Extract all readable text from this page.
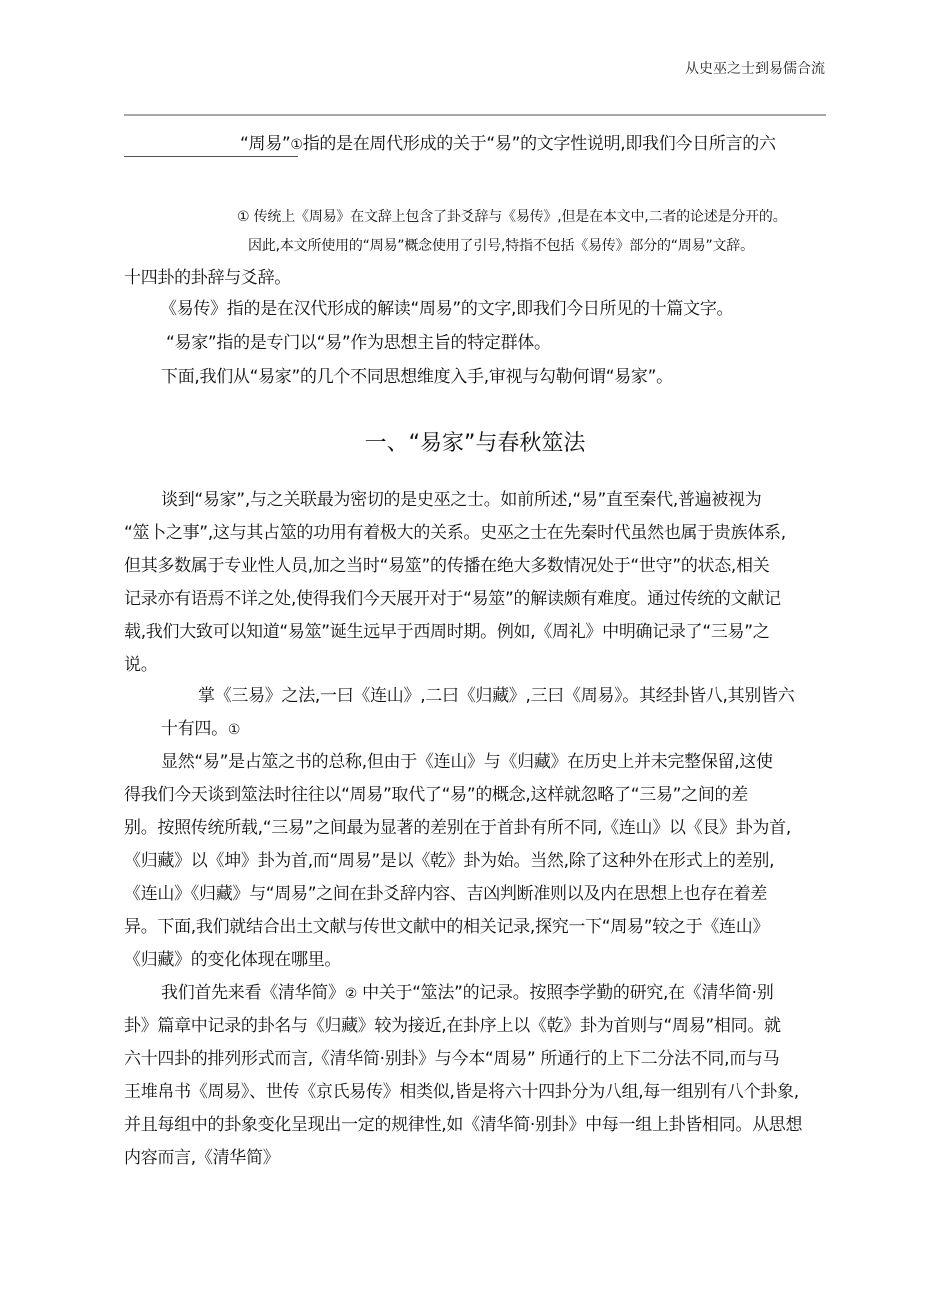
从史巫之士到易儒合流
“周易”①指的是在周代形成的关于“易”的文字性说明,即我们今日所言的六
① 传统上《周易》在文辞上包含了卦爻辞与《易传》,但是在本文中,二者的论述是分开的。
因此,本文所使用的“周易”概念使用了引号,特指不包括《易传》部分的“周易”文辞。
十四卦的卦辞与爻辞。
《易传》指的是在汉代形成的解读“周易”的文字,即我们今日所见的十篇文字。
“易家”指的是专门以“易”作为思想主旨的特定群体。
下面,我们从“易家”的几个不同思想维度入手,审视与勾勒何谓“易家”。
一、“易家”与春秋筮法
谈到“易家”,与之关联最为密切的是史巫之士。如前所述,“易”直至秦代,普遍被视为
“筮卜之事”,这与其占筮的功用有着极大的关系。史巫之士在先秦时代虽然也属于贵族体系,
但其多数属于专业性人员,加之当时“易筮”的传播在绝大多数情况处于“世守”的状态,相关
记录亦有语焉不详之处,使得我们今天展开对于“易筮”的解读颇有难度。通过传统的文献记
载,我们大致可以知道“易筮”诞生远早于西周时期。例如,《周礼》中明确记录了“三易”之
说。
掌《三易》之法,一曰《连山》,二曰《归藏》,三曰《周易》。其经卦皆八,其别皆六
十有四。①
显然“易”是占筮之书的总称,但由于《连山》与《归藏》在历史上并未完整保留,这使
得我们今天谈到筮法时往往以“周易”取代了“易”的概念,这样就忽略了“三易”之间的差
别。按照传统所载,“三易”之间最为显著的差别在于首卦有所不同,《连山》以《艮》卦为首,
《归藏》以《坤》卦为首,而“周易”是以《乾》卦为始。当然,除了这种外在形式上的差别,
《连山》《归藏》与“周易”之间在卦爻辞内容、吉凶判断准则以及内在思想上也存在着差
异。下面,我们就结合出土文献与传世文献中的相关记录,探究一下“周易”较之于《连山》
《归藏》的变化体现在哪里。
我们首先来看《清华简》② 中关于“筮法”的记录。按照李学勤的研究,在《清华简·别
卦》篇章中记录的卦名与《归藏》较为接近,在卦序上以《乾》卦为首则与“周易”相同。就
六十四卦的排列形式而言,《清华简·别卦》与今本“周易” 所通行的上下二分法不同,而与马
王堆帛书《周易》、世传《京氏易传》相类似,皆是将六十四卦分为八组,每一组别有八个卦象,
并且每组中的卦象变化呈现出一定的规律性,如《清华简·别卦》中每一组上卦皆相同。从思想
内容而言,《清华简》
